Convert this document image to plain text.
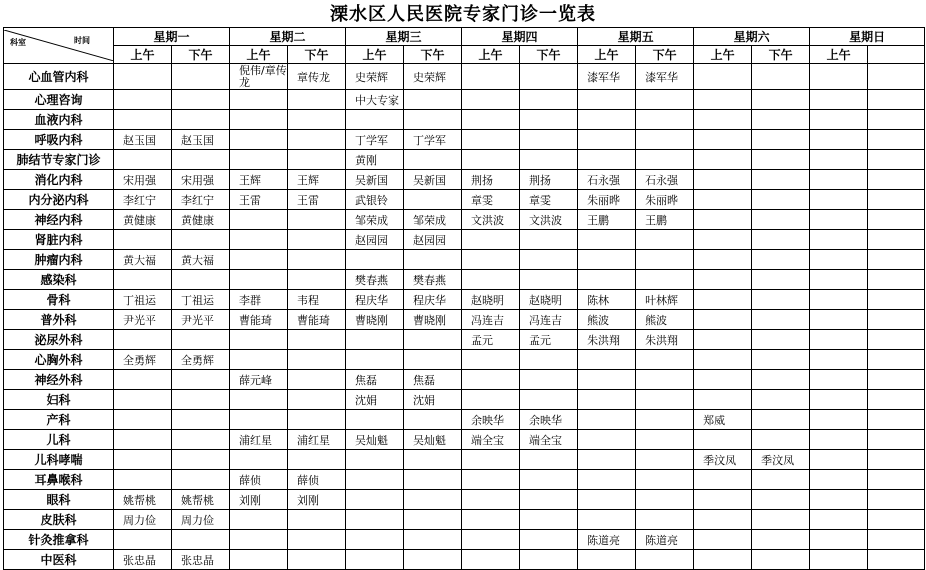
溧水区人民医院专家门诊一览表
科室 时间	星期一		星期二		星期三		星期四		星期五		星期六		星期日	
	上午	下午	上午	下午	上午	下午	上午	下午	上午	下午	上午	下午	上午	
心血管内科			倪伟/章传龙	章传龙	史荣辉	史荣辉			漆军华	漆军华				
心理咨询					中大专家									
血液内科														
呼吸内科	赵玉国	赵玉国			丁学军	丁学军								
肺结节专家门诊					黄刚									
消化内科	宋用强	宋用强	王辉	王辉	吴新国	吴新国	荆扬	荆扬	石永强	石永强				
内分泌内科	李红宁	李红宁	王雷	王雷	武银铃		章雯	章雯	朱丽晔	朱丽晔				
神经内科	黄健康	黄健康			邹荣成	邹荣成	文洪波	文洪波	王鹏	王鹏				
肾脏内科					赵园园	赵园园								
肿瘤内科	黄大福	黄大福												
感染科					樊春燕	樊春燕								
骨科	丁祖运	丁祖运	李群	韦程	程庆华	程庆华	赵晓明	赵晓明	陈林	叶林辉				
普外科	尹光平	尹光平	曹能琦	曹能琦	曹晓刚	曹晓刚	冯连吉	冯连吉	熊波	熊波				
泌尿外科							孟元	孟元	朱洪翔	朱洪翔				
心胸外科	全勇辉	全勇辉												
神经外科			薛元峰		焦磊	焦磊								
妇科					沈娟	沈娟								
产科							余映华	余映华			郑威			
儿科			浦红星	浦红星	吴灿魁	吴灿魁	端全宝	端全宝						
儿科哮喘											季汶凤	季汶凤		
耳鼻喉科			薛侦	薛侦										
眼科	姚帮桃	姚帮桃	刘刚	刘刚										
皮肤科	周力俭	周力俭												
针灸推拿科									陈道亮	陈道亮				
中医科	张忠晶	张忠晶												
